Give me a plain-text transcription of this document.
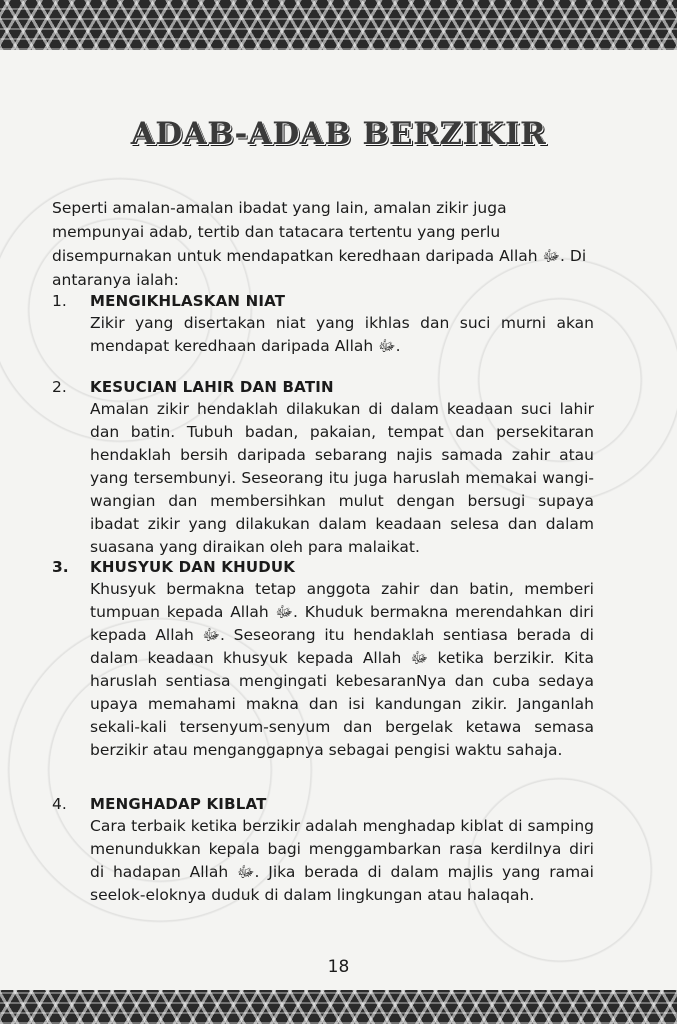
ADAB-ADAB BERZIKIR

Seperti amalan-amalan ibadat yang lain, amalan zikir juga mempunyai adab, tertib dan tatacara tertentu yang perlu disempurnakan untuk mendapatkan keredhaan daripada Allah ﷻ. Di antaranya ialah:

1. MENGIKHLASKAN NIAT

Zikir yang disertakan niat yang ikhlas dan suci murni akan mendapat keredhaan daripada Allah ﷻ.

2. KESUCIAN LAHIR DAN BATIN

Amalan zikir hendaklah dilakukan di dalam keadaan suci lahir dan batin. Tubuh badan, pakaian, tempat dan persekitaran hendaklah bersih daripada sebarang najis samada zahir atau yang tersembunyi. Seseorang itu juga haruslah memakai wangi-wangian dan membersihkan mulut dengan bersugi supaya ibadat zikir yang dilakukan dalam keadaan selesa dan dalam suasana yang diraikan oleh para malaikat.

3. KHUSYUK DAN KHUDUK

Khusyuk bermakna tetap anggota zahir dan batin, memberi tumpuan kepada Allah ﷻ. Khuduk bermakna merendahkan diri kepada Allah ﷻ. Seseorang itu hendaklah sentiasa berada di dalam keadaan khusyuk kepada Allah ﷻ ketika berzikir. Kita haruslah sentiasa mengingati kebesaranNya dan cuba sedaya upaya memahami makna dan isi kandungan zikir. Janganlah sekali-kali tersenyum-senyum dan bergelak ketawa semasa berzikir atau menganggapnya sebagai pengisi waktu sahaja.

4. MENGHADAP KIBLAT

Cara terbaik ketika berzikir adalah menghadap kiblat di samping menundukkan kepala bagi menggambarkan rasa kerdilnya diri di hadapan Allah ﷻ. Jika berada di dalam majlis yang ramai seelok-eloknya duduk di dalam lingkungan atau halaqah.

18
